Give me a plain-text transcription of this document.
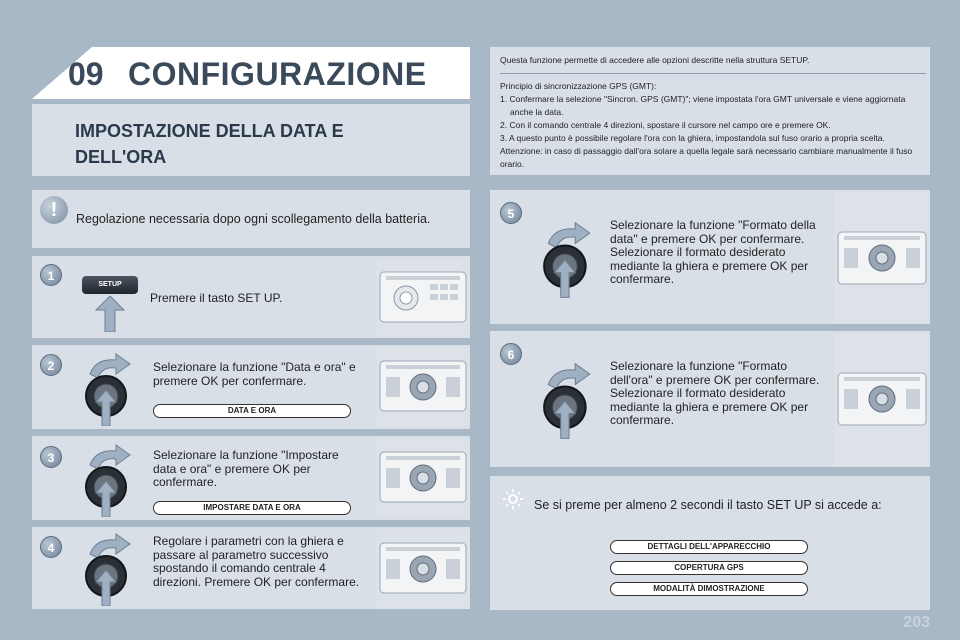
09 CONFIGURAZIONE
IMPOSTAZIONE DELLA DATA E DELL'ORA
Questa funzione permette di accedere alle opzioni descritte nella struttura SETUP.
Principio di sincronizzazione GPS (GMT):
1. Confermare la selezione "Sincron. GPS (GMT)"; viene impostata l'ora GMT universale e viene aggiornata anche la data.
2. Con il comando centrale 4 direzioni, spostare il cursore nel campo ore e premere OK.
3. A questo punto è possibile regolare l'ora con la ghiera, impostandola sul fuso orario a propria scelta.
Attenzione: in caso di passaggio dall'ora solare a quella legale sarà necessario cambiare manualmente il fuso orario.
!	Regolazione necessaria dopo ogni scollegamento della batteria.
1
SETUP
Premere il tasto SET UP.
2	Selezionare la funzione "Data e ora" e premere OK per confermare.
DATA E ORA
3	Selezionare la funzione "Impostare data e ora" e premere OK per confermare.
IMPOSTARE DATA E ORA
4	Regolare i parametri con la ghiera e passare al parametro successivo spostando il comando centrale 4 direzioni. Premere OK per confermare.
5
Selezionare la funzione "Formato della data" e premere OK per confermare. Selezionare il formato desiderato mediante la ghiera e premere OK per confermare.
6
Selezionare la funzione "Formato dell'ora" e premere OK per confermare. Selezionare il formato desiderato mediante la ghiera e premere OK per confermare.
Se si preme per almeno 2 secondi il tasto SET UP si accede a:
DETTAGLI DELL'APPARECCHIO
COPERTURA GPS
MODALITÀ DIMOSTRAZIONE
203
